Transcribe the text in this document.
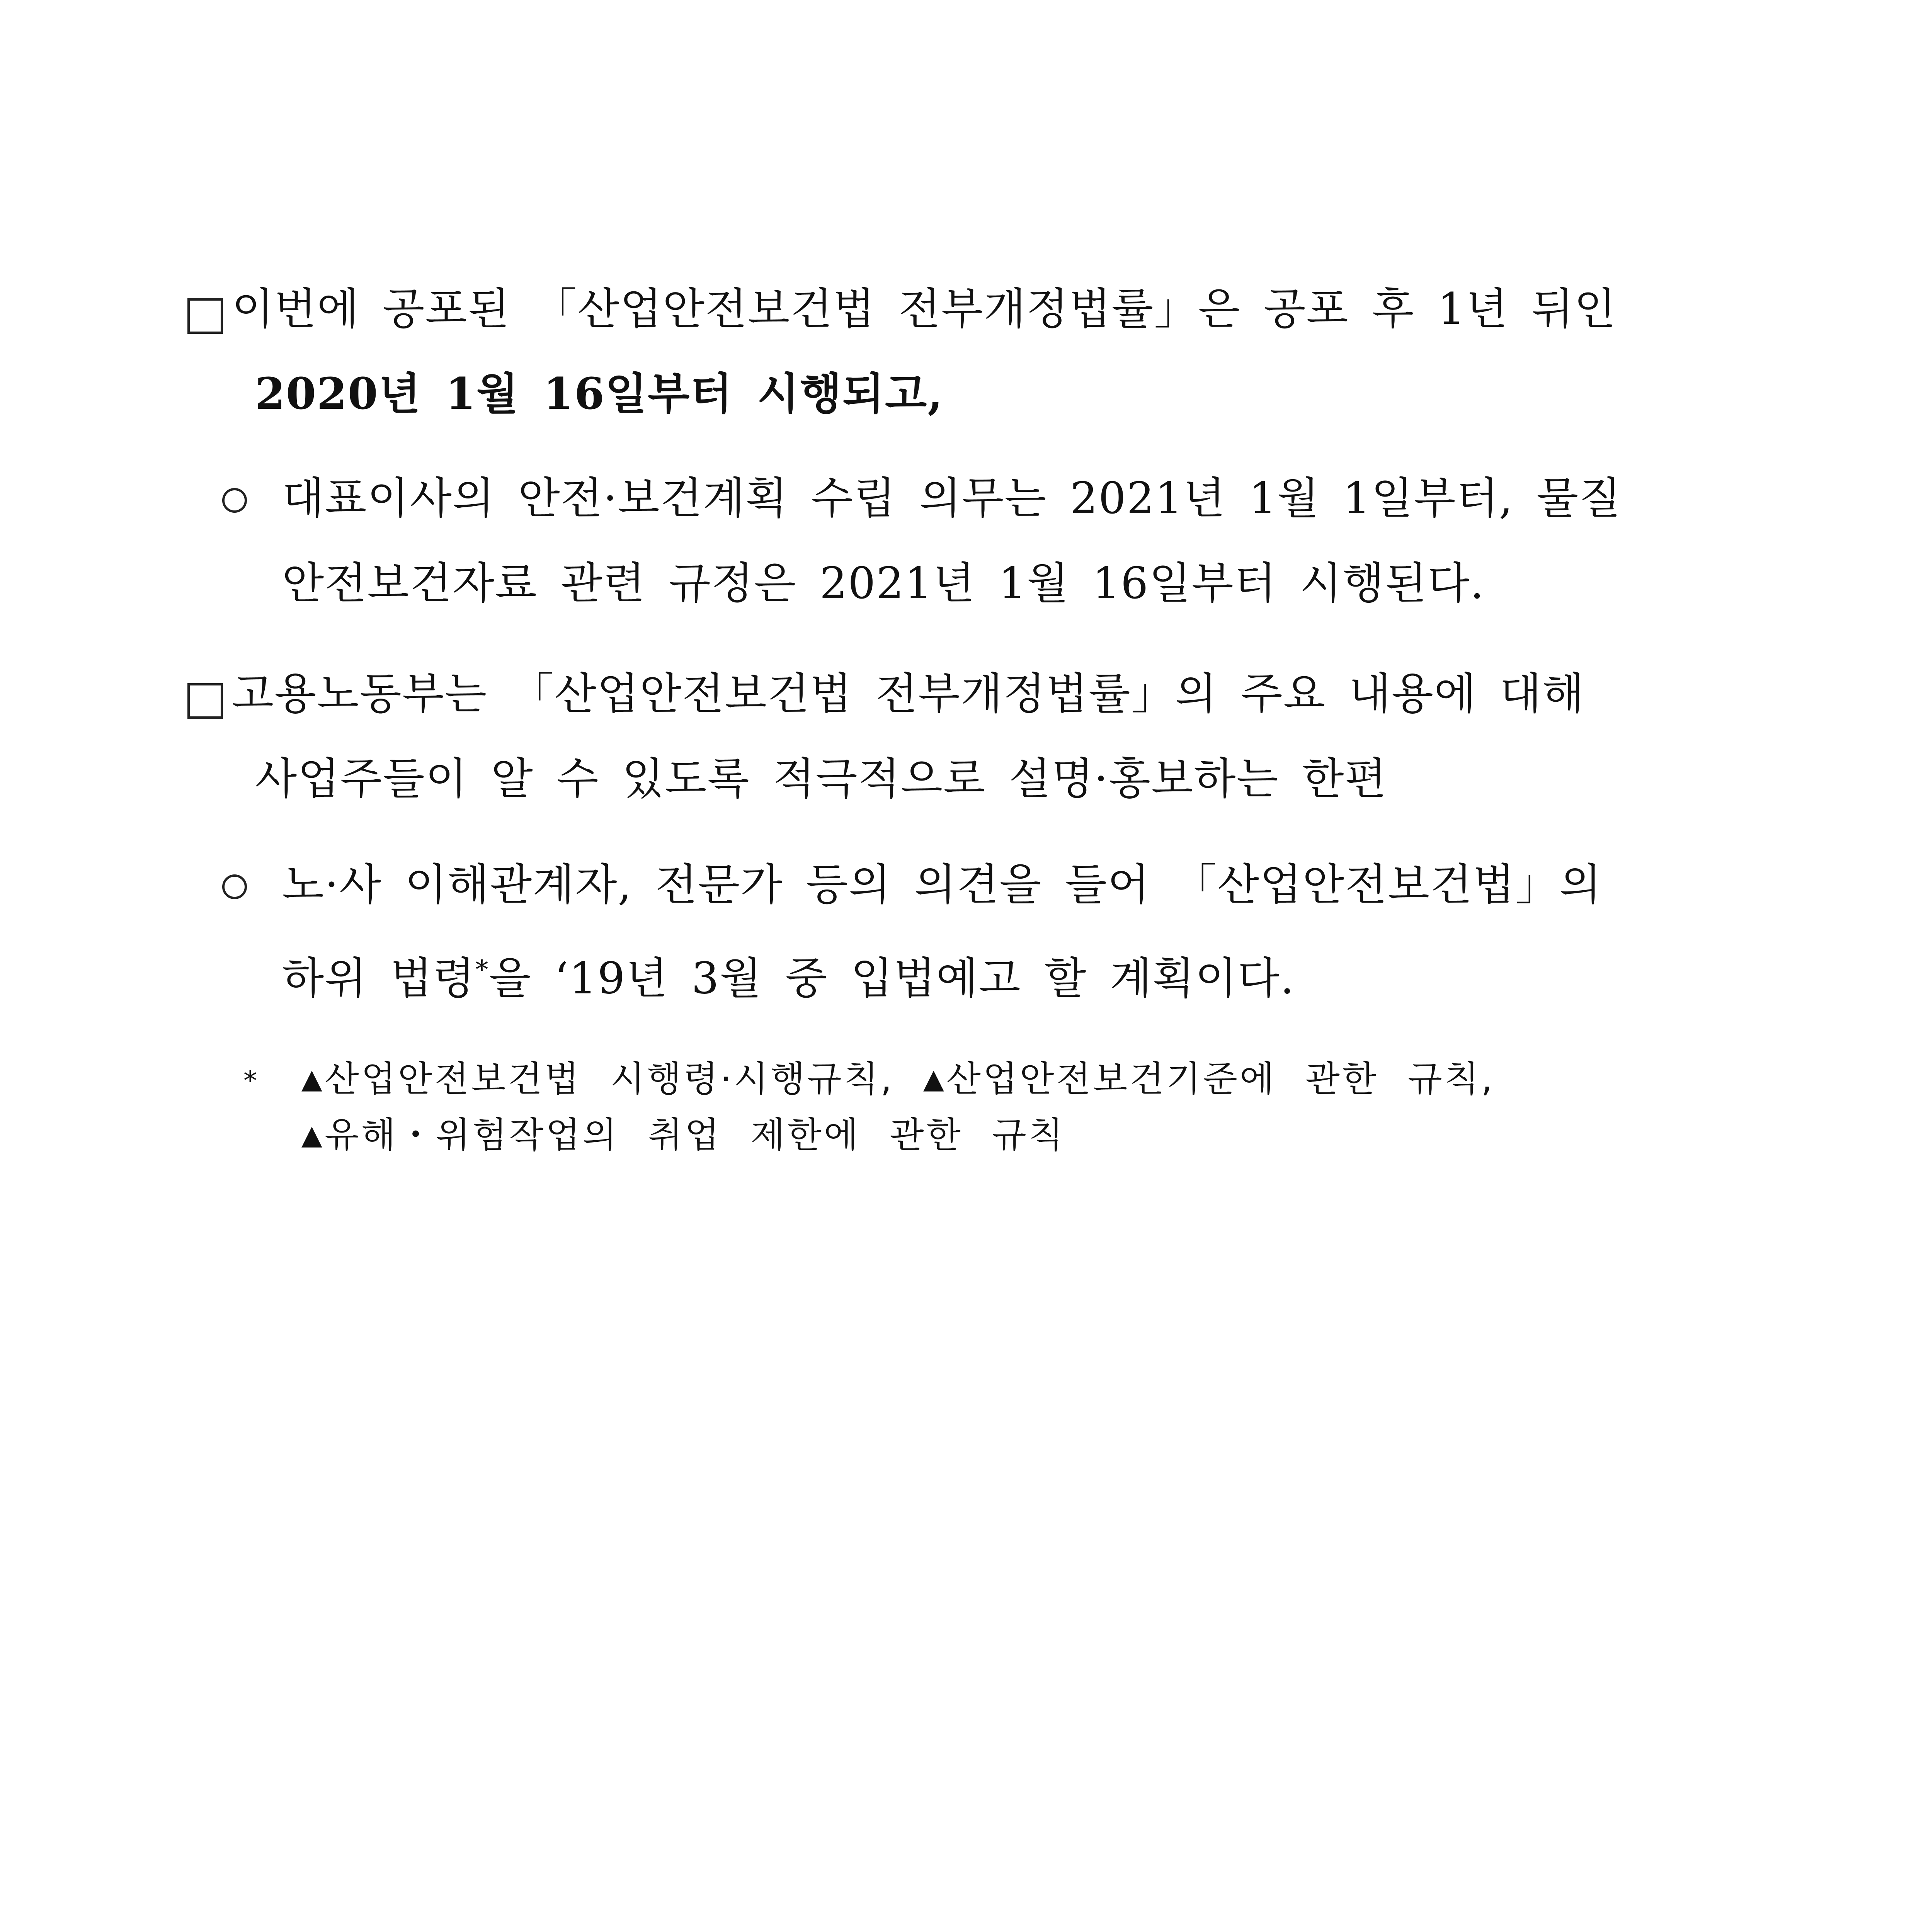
이번에 공포된 「산업안전보건법 전부개정법률」은 공포 후 1년 뒤인
2020년 1월 16일부터 시행되고,
대표이사의 안전·보건계획 수립 의무는 2021년 1월 1일부터, 물질
안전보건자료 관련 규정은 2021년 1월 16일부터 시행된다.
고용노동부는 「산업안전보건법 전부개정법률」의 주요 내용에 대해
사업주들이 알 수 있도록 적극적으로 설명·홍보하는 한편
노·사 이해관계자, 전문가 등의 의견을 들어 「산업안전보건법」의
하위 법령*을 ‘19년 3월 중 입법예고 할 계획이다.
* ▲산업안전보건법 시행령·시행규칙, ▲산업안전보건기준에 관한 규칙,
▲유해・위험작업의 취업 제한에 관한 규칙
